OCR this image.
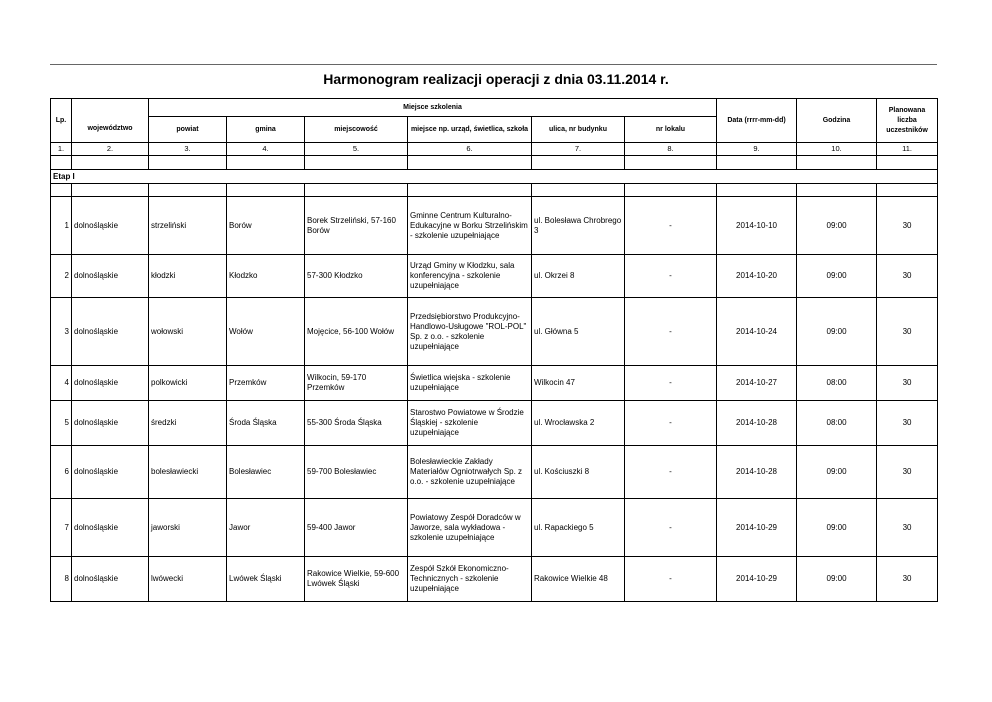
Harmonogram realizacji operacji z dnia 03.11.2014 r.
Lp.		Miejsce szkolenia						Data (rrrr-mm-dd)	Godzina	Planowana liczba uczestników
	województwo	powiat	gmina	miejscowość	miejsce np. urząd, świetlica, szkoła	ulica, nr budynku	nr lokalu			
1.	2.	3.	4.	5.	6.	7.	8.	9.	10.	11.

Etap I										

1	dolnośląskie	strzeliński	Borów	Borek Strzeliński, 57-160 Borów	Gminne Centrum Kulturalno-Edukacyjne w Borku Strzelińskim - szkolenie uzupełniające	ul. Bolesława Chrobrego 3	-	2014-10-10	09:00	30
2	dolnośląskie	kłodzki	Kłodzko	57-300 Kłodzko	Urząd Gminy w Kłodzku, sala konferencyjna - szkolenie uzupełniające	ul. Okrzei 8	-	2014-10-20	09:00	30
3	dolnośląskie	wołowski	Wołów	Mojęcice, 56-100 Wołów	Przedsiębiorstwo Produkcyjno-Handlowo-Usługowe "ROL-POL" Sp. z o.o. - szkolenie uzupełniające	ul. Główna 5	-	2014-10-24	09:00	30
4	dolnośląskie	polkowicki	Przemków	Wilkocin, 59-170 Przemków	Świetlica wiejska - szkolenie uzupełniające	Wilkocin 47	-	2014-10-27	08:00	30
5	dolnośląskie	średzki	Środa Śląska	55-300 Środa Śląska	Starostwo Powiatowe w Środzie Śląskiej - szkolenie uzupełniające	ul. Wrocławska 2	-	2014-10-28	08:00	30
6	dolnośląskie	bolesławiecki	Bolesławiec	59-700 Bolesławiec	Bolesławieckie Zakłady Materiałów Ogniotrwałych Sp. z o.o. - szkolenie uzupełniające	ul. Kościuszki 8	-	2014-10-28	09:00	30
7	dolnośląskie	jaworski	Jawor	59-400 Jawor	Powiatowy Zespół Doradców w Jaworze, sala wykładowa - szkolenie uzupełniające	ul. Rapackiego 5	-	2014-10-29	09:00	30
8	dolnośląskie	lwówecki	Lwówek Śląski	Rakowice Wielkie, 59-600 Lwówek Śląski	Zespół Szkół Ekonomiczno-Technicznych - szkolenie uzupełniające	Rakowice Wielkie 48	-	2014-10-29	09:00	30
